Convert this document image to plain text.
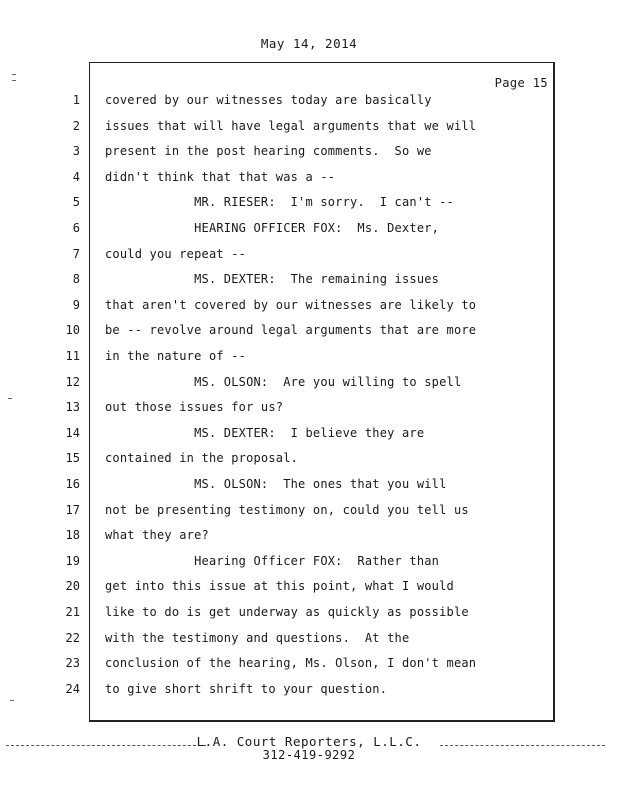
May 14, 2014
Page 15
1 covered by our witnesses today are basically
2 issues that will have legal arguments that we will
3 present in the post hearing comments.  So we
4 didn't think that that was a --
5 MR. RIESER:  I'm sorry.  I can't --
6 HEARING OFFICER FOX:  Ms. Dexter,
7 could you repeat --
8 MS. DEXTER:  The remaining issues
9 that aren't covered by our witnesses are likely to
10 be -- revolve around legal arguments that are more
11 in the nature of --
12 MS. OLSON:  Are you willing to spell
13 out those issues for us?
14 MS. DEXTER:  I believe they are
15 contained in the proposal.
16 MS. OLSON:  The ones that you will
17 not be presenting testimony on, could you tell us
18 what they are?
19 Hearing Officer FOX:  Rather than
20 get into this issue at this point, what I would
21 like to do is get underway as quickly as possible
22 with the testimony and questions.  At the
23 conclusion of the hearing, Ms. Olson, I don't mean
24 to give short shrift to your question.
L.A. Court Reporters, L.L.C.
312-419-9292
